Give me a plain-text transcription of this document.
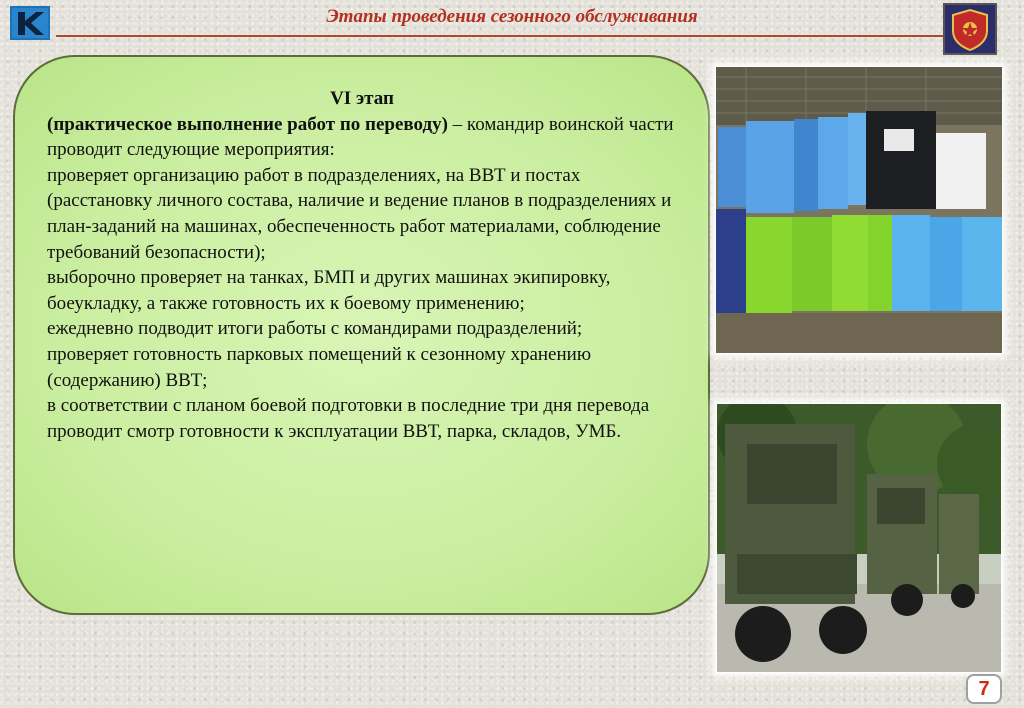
Этапы проведения сезонного обслуживания
VI этап
(практическое выполнение работ по переводу) – командир воинской части проводит следующие мероприятия:
проверяет организацию работ в подразделениях, на ВВТ и постах (расстановку личного состава, наличие и ведение планов в подразделениях и план-заданий на машинах, обеспеченность работ материалами, соблюдение требований безопасности);
выборочно проверяет на танках, БМП и других машинах экипировку, боеукладку, а также готовность их к боевому применению;
ежедневно подводит итоги работы с командирами подразделений;
проверяет готовность парковых помещений к сезонному хранению (содержанию) ВВТ;
в соответствии с планом боевой подготовки в последние три дня перевода проводит смотр готовности к эксплуатации ВВТ, парка, складов, УМБ.
7
